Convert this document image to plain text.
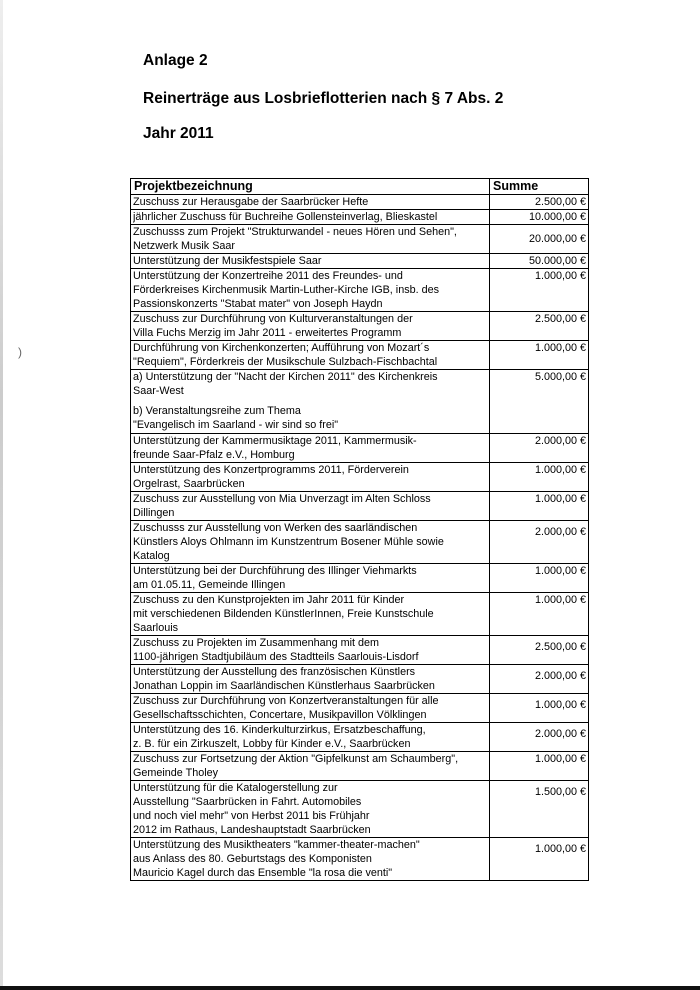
)
Anlage 2
Reinerträge aus Losbrieflotterien nach § 7 Abs. 2
Jahr 2011
Projektbezeichnung	Summe

Zuschuss zur Herausgabe der Saarbrücker Hefte	2.500,00 €

jährlicher Zuschuss für Buchreihe Gollensteinverlag, Blieskastel	10.000,00 €

Zuschusss zum Projekt "Strukturwandel - neues Hören und Sehen",
Netzwerk Musik Saar	20.000,00 €

Unterstützung der Musikfestspiele Saar	50.000,00 €

Unterstützung der Konzertreihe 2011 des Freundes- und
Förderkreises Kirchenmusik Martin-Luther-Kirche IGB, insb. des
Passionskonzerts "Stabat mater" von Joseph Haydn	1.000,00 €

Zuschuss zur Durchführung von Kulturveranstaltungen der
Villa Fuchs Merzig im Jahr 2011 - erweitertes Programm	2.500,00 €

Durchführung von Kirchenkonzerten; Aufführung von Mozart´s
"Requiem", Förderkreis der Musikschule Sulzbach-Fischbachtal	1.000,00 €

a) Unterstützung der "Nacht der Kirchen 2011" des Kirchenkreis
Saar-West
b) Veranstaltungsreihe zum Thema
"Evangelisch im Saarland - wir sind so frei"	5.000,00 €

Unterstützung der Kammermusiktage 2011, Kammermusik-
freunde Saar-Pfalz e.V., Homburg	2.000,00 €

Unterstützung des Konzertprogramms 2011, Förderverein
Orgelrast, Saarbrücken	1.000,00 €

Zuschuss zur Ausstellung von Mia Unverzagt im Alten Schloss
Dillingen	1.000,00 €

Zuschusss zur Ausstellung von Werken des saarländischen
Künstlers Aloys Ohlmann im Kunstzentrum Bosener Mühle sowie
Katalog	2.000,00 €

Unterstützung bei der Durchführung des Illinger Viehmarkts
am 01.05.11, Gemeinde Illingen	1.000,00 €

Zuschuss zu den Kunstprojekten im Jahr 2011 für Kinder
mit verschiedenen Bildenden KünstlerInnen, Freie Kunstschule
Saarlouis	1.000,00 €

Zuschuss zu Projekten im Zusammenhang mit dem
1100-jährigen Stadtjubiläum des Stadtteils Saarlouis-Lisdorf	2.500,00 €

Unterstützung der Ausstellung des französischen Künstlers
Jonathan Loppin im Saarländischen Künstlerhaus Saarbrücken	2.000,00 €

Zuschuss zur Durchführung von Konzertveranstaltungen für alle
Gesellschaftsschichten, Concertare, Musikpavillon Völklingen	1.000,00 €

Unterstützung des 16. Kinderkulturzirkus, Ersatzbeschaffung,
z. B. für ein Zirkuszelt, Lobby für Kinder e.V., Saarbrücken	2.000,00 €

Zuschuss zur Fortsetzung der Aktion "Gipfelkunst am Schaumberg",
Gemeinde Tholey	1.000,00 €

Unterstützung für die Katalogerstellung zur
Ausstellung "Saarbrücken in Fahrt. Automobiles
und noch viel mehr" von Herbst 2011 bis Frühjahr
2012 im Rathaus, Landeshauptstadt Saarbrücken	1.500,00 €

Unterstützung des Musiktheaters "kammer-theater-machen"
aus Anlass des 80. Geburtstags des Komponisten
Mauricio Kagel durch das Ensemble "la rosa die venti"	1.000,00 €
